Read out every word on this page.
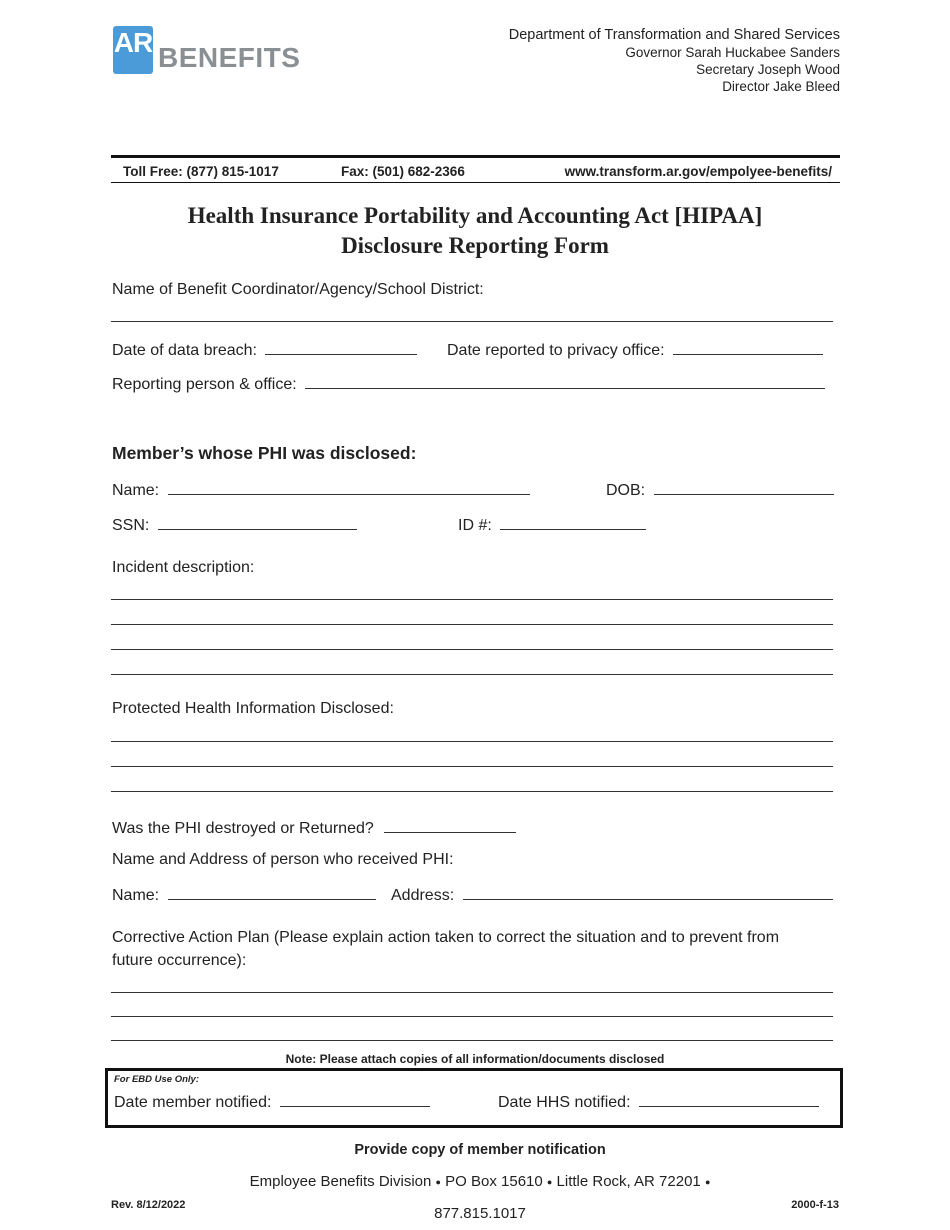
AR BENEFITS
Department of Transformation and Shared Services
Governor Sarah Huckabee Sanders
Secretary Joseph Wood
Director Jake Bleed
Toll Free: (877) 815-1017	Fax: (501) 682-2366	www.transform.ar.gov/empolyee-benefits/
Health Insurance Portability and Accounting Act [HIPAA]
Disclosure Reporting Form
Name of Benefit Coordinator/Agency/School District:
Date of data breach:	Date reported to privacy office:
Reporting person & office:
Member’s whose PHI was disclosed:
Name:	DOB:
SSN:	ID #:
Incident description:
Protected Health Information Disclosed:
Was the PHI destroyed or Returned?
Name and Address of person who received PHI:
Name:	Address:
Corrective Action Plan (Please explain action taken to correct the situation and to prevent from
future occurrence):
Note: Please attach copies of all information/documents disclosed
For EBD Use Only:
Date member notified:	Date HHS notified:
Provide copy of member notification
Employee Benefits Division ● PO Box 15610 ● Little Rock, AR 72201 ●
Rev. 8/12/2022	877.815.1017	2000-f-13
